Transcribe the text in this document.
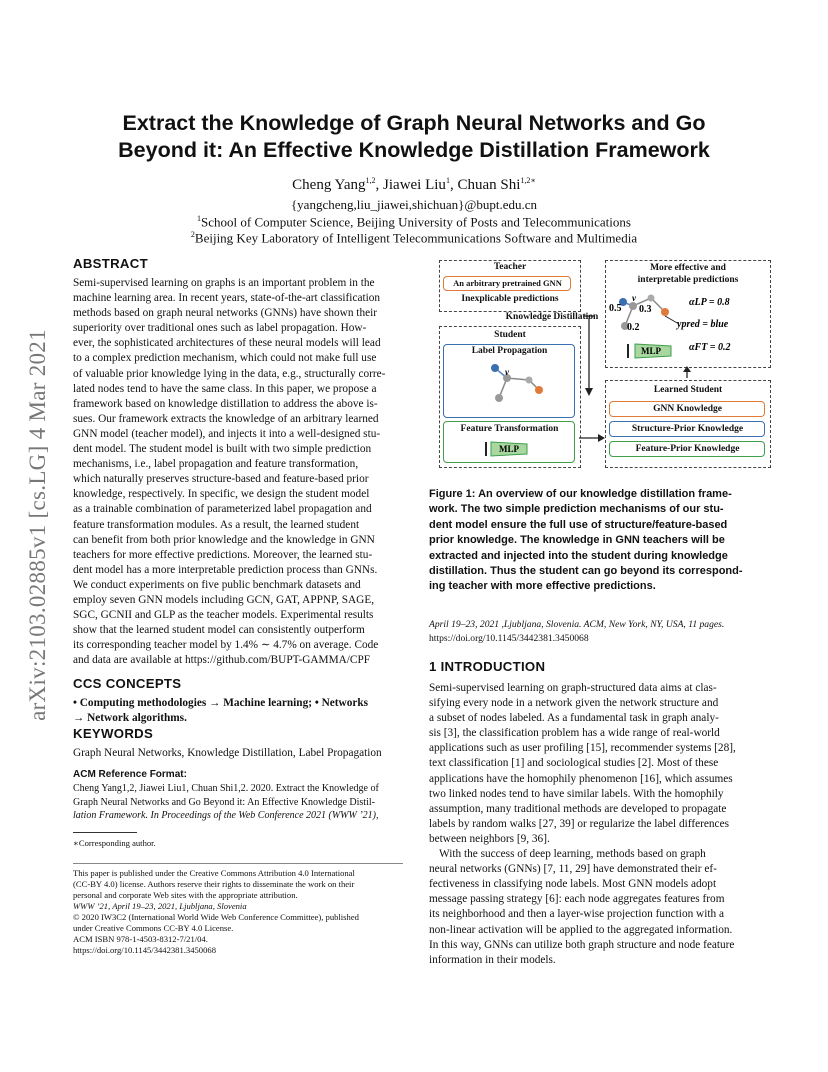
arXiv:2103.02885v1 [cs.LG] 4 Mar 2021
Extract the Knowledge of Graph Neural Networks and Go
Beyond it: An Effective Knowledge Distillation Framework
Cheng Yang$^{1,2}$, Jiawei Liu$^1$, Chuan Shi$^{1,2∗}$
{yangcheng,liu_jiawei,shichuan}@bupt.edu.cn
$^1$School of Computer Science, Beijing University of Posts and Telecommunications
$^2$Beijing Key Laboratory of Intelligent Telecommunications Software and Multimedia
ABSTRACT
Semi-supervised learning on graphs is an important problem in the
machine learning area. In recent years, state-of-the-art classification
methods based on graph neural networks (GNNs) have shown their
superiority over traditional ones such as label propagation. How-
ever, the sophisticated architectures of these neural models will lead
to a complex prediction mechanism, which could not make full use
of valuable prior knowledge lying in the data, e.g., structurally corre-
lated nodes tend to have the same class. In this paper, we propose a
framework based on knowledge distillation to address the above is-
sues. Our framework extracts the knowledge of an arbitrary learned
GNN model (teacher model), and injects it into a well-designed stu-
dent model. The student model is built with two simple prediction
mechanisms, i.e., label propagation and feature transformation,
which naturally preserves structure-based and feature-based prior
knowledge, respectively. In specific, we design the student model
as a trainable combination of parameterized label propagation and
feature transformation modules. As a result, the learned student
can benefit from both prior knowledge and the knowledge in GNN
teachers for more effective predictions. Moreover, the learned stu-
dent model has a more interpretable prediction process than GNNs.
We conduct experiments on five public benchmark datasets and
employ seven GNN models including GCN, GAT, APPNP, SAGE,
SGC, GCNII and GLP as the teacher models. Experimental results
show that the learned student model can consistently outperform
its corresponding teacher model by 1.4% ∼ 4.7% on average. Code
and data are available at https://github.com/BUPT-GAMMA/CPF
CCS CONCEPTS
• Computing methodologies → Machine learning; • Networks
→ Network algorithms.
KEYWORDS
Graph Neural Networks, Knowledge Distillation, Label Propagation
ACM Reference Format:
Cheng Yang1,2, Jiawei Liu1, Chuan Shi1,2. 2020. Extract the Knowledge of
Graph Neural Networks and Go Beyond it: An Effective Knowledge Distil-
lation Framework. In Proceedings of the Web Conference 2021 (WWW ’21),
∗Corresponding author.
This paper is published under the Creative Commons Attribution 4.0 International
(CC-BY 4.0) license. Authors reserve their rights to disseminate the work on their
personal and corporate Web sites with the appropriate attribution.
WWW ’21, April 19–23, 2021, Ljubljana, Slovenia
© 2020 IW3C2 (International World Wide Web Conference Committee), published
under Creative Commons CC-BY 4.0 License.
ACM ISBN 978-1-4503-8312-7/21/04.
https://doi.org/10.1145/3442381.3450068
Teacher
An arbitrary pretrained GNN
Inexplicable predictions
Knowledge Distillation
Student
Label Propagation
Feature Transformation
More effective and
interpretable predictions
Learned Student
GNN Knowledge
Structure-Prior Knowledge
Feature-Prior Knowledge
v
MLP
v
0.5 0.3
0.2
αLP = 0.8
ypred = blue
αFT = 0.2
MLP
Figure 1: An overview of our knowledge distillation frame-
work. The two simple prediction mechanisms of our stu-
dent model ensure the full use of structure/feature-based
prior knowledge. The knowledge in GNN teachers will be
extracted and injected into the student during knowledge
distillation. Thus the student can go beyond its correspond-
ing teacher with more effective predictions.
April 19–23, 2021 ,Ljubljana, Slovenia. ACM, New York, NY, USA, 11 pages.
https://doi.org/10.1145/3442381.3450068
1 INTRODUCTION
Semi-supervised learning on graph-structured data aims at clas-
sifying every node in a network given the network structure and
a subset of nodes labeled. As a fundamental task in graph analy-
sis [3], the classification problem has a wide range of real-world
applications such as user profiling [15], recommender systems [28],
text classification [1] and sociological studies [2]. Most of these
applications have the homophily phenomenon [16], which assumes
two linked nodes tend to have similar labels. With the homophily
assumption, many traditional methods are developed to propagate
labels by random walks [27, 39] or regularize the label differences
between neighbors [9, 36].
With the success of deep learning, methods based on graph
neural networks (GNNs) [7, 11, 29] have demonstrated their ef-
fectiveness in classifying node labels. Most GNN models adopt
message passing strategy [6]: each node aggregates features from
its neighborhood and then a layer-wise projection function with a
non-linear activation will be applied to the aggregated information.
In this way, GNNs can utilize both graph structure and node feature
information in their models.
